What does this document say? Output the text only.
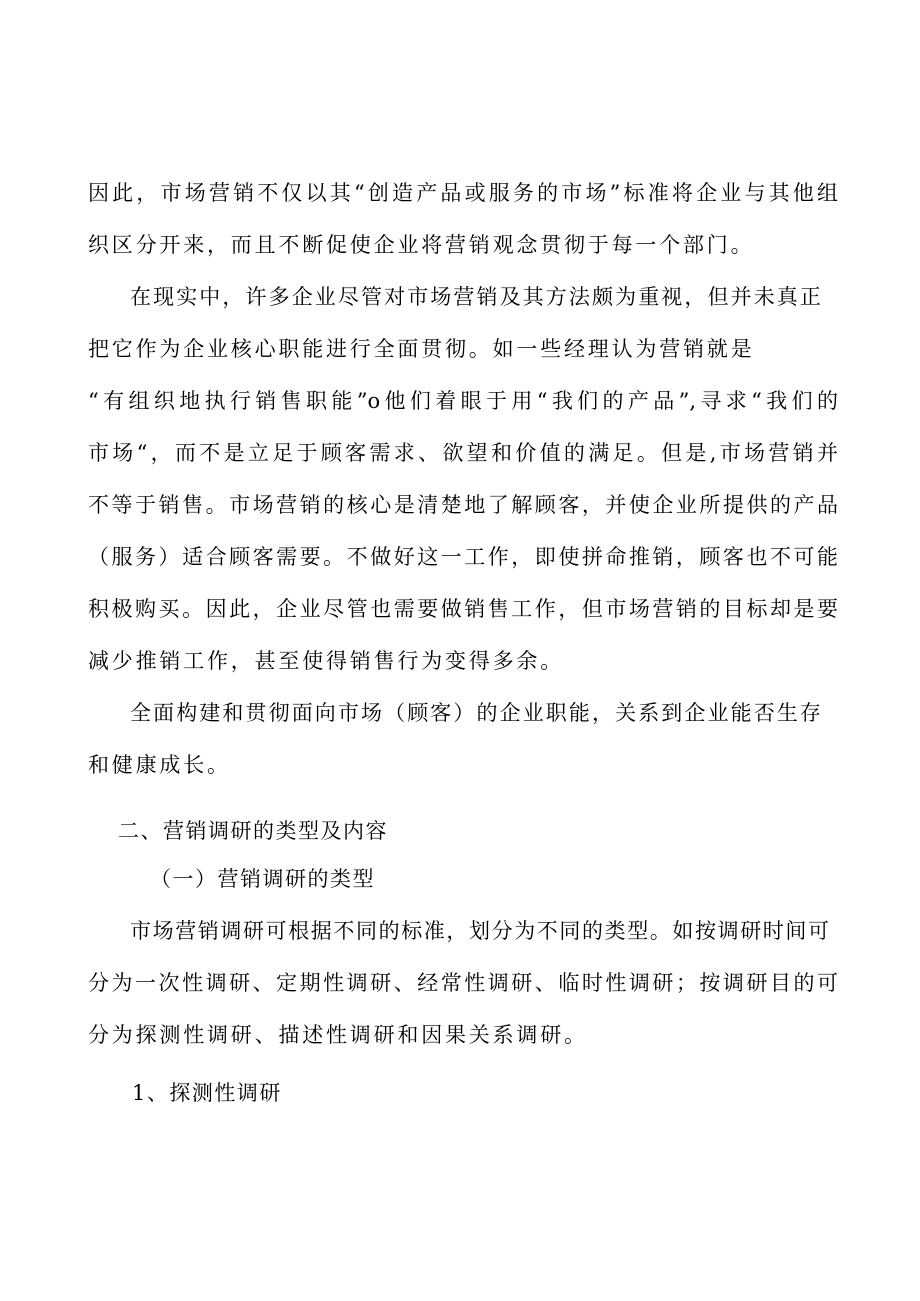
因此，市场营销不仅以其“创造产品或服务的市场”标准将企业与其他组
织区分开来，而且不断促使企业将营销观念贯彻于每一个部门。
在现实中，许多企业尽管对市场营销及其方法颇为重视，但并未真正
把它作为企业核心职能进行全面贯彻。如一些经理认为营销就是
“有组织地执行销售职能”o他们着眼于用“我们的产品”,寻求“我们的
市场“，而不是立足于顾客需求、欲望和价值的满足。但是,市场营销并
不等于销售。市场营销的核心是清楚地了解顾客，并使企业所提供的产品
（服务）适合顾客需要。不做好这一工作，即使拼命推销，顾客也不可能
积极购买。因此，企业尽管也需要做销售工作，但市场营销的目标却是要
减少推销工作，甚至使得销售行为变得多余。
全面构建和贯彻面向市场（顾客）的企业职能，关系到企业能否生存
和健康成长。
二、营销调研的类型及内容
（一）营销调研的类型
市场营销调研可根据不同的标准，划分为不同的类型。如按调研时间可
分为一次性调研、定期性调研、经常性调研、临时性调研；按调研目的可
分为探测性调研、描述性调研和因果关系调研。
1、探测性调研
